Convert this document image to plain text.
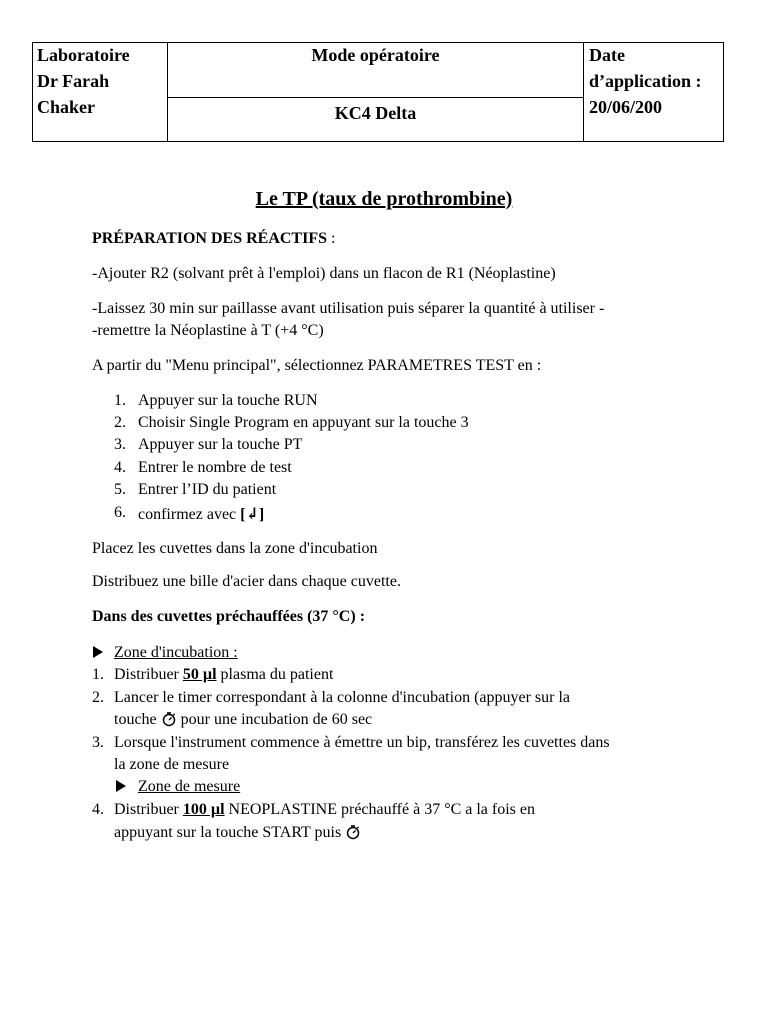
Laboratoire
Dr Farah
Chaker
Mode opératoire
KC4 Delta
Date
d’application :
20/06/200
Le TP (taux de prothrombine)
PRÉPARATION DES RÉACTIFS :
-Ajouter R2 (solvant prêt à l'emploi) dans un flacon de R1 (Néoplastine)
-Laissez 30 min sur paillasse avant utilisation puis séparer la quantité à utiliser -
-remettre la Néoplastine à T (+4 °C)
A partir du "Menu principal", sélectionnez PARAMETRES TEST en :
1. Appuyer sur la touche RUN
2. Choisir Single Program en appuyant sur la touche 3
3. Appuyer sur la touche PT
4. Entrer le nombre de test
5. Entrer l’ID du patient
6. confirmez avec [↲]
Placez les cuvettes dans la zone d'incubation
Distribuez une bille d'acier dans chaque cuvette.
Dans des cuvettes préchauffées (37 °C) :
Zone d'incubation :
1. Distribuer 50 µl plasma du patient
2. Lancer le timer correspondant à la colonne d'incubation (appuyer sur la
touche  pour une incubation de 60 sec
3. Lorsque l'instrument commence à émettre un bip, transférez les cuvettes dans
la zone de mesure
Zone de mesure
4. Distribuer 100 µl NEOPLASTINE préchauffé à 37 °C a la fois en
appuyant sur la touche START puis
